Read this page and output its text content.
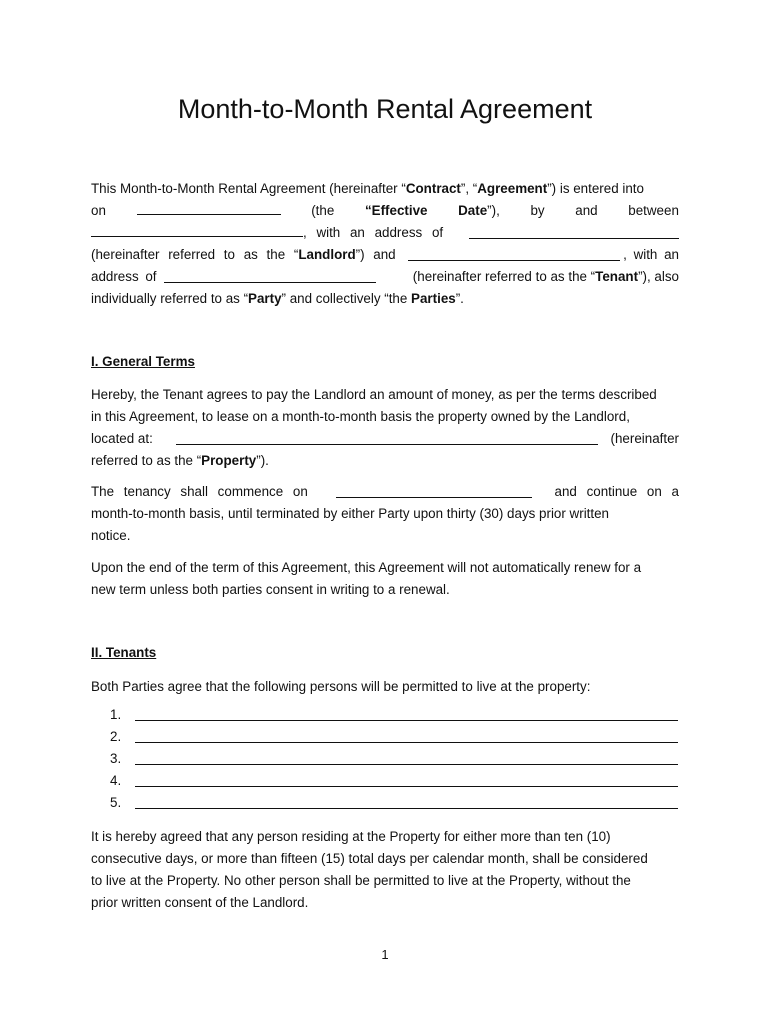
Month-to-Month Rental Agreement
This Month-to-Month Rental Agreement (hereinafter “Contract”, “Agreement”) is entered into
on	(the “Effective Date”), by and between
, with an address of
(hereinafter referred to as the “Landlord”) and	, with an
address of	(hereinafter referred to as the “Tenant”), also
individually referred to as “Party” and collectively “the Parties”.
I. General Terms
Hereby, the Tenant agrees to pay the Landlord an amount of money, as per the terms described
in this Agreement, to lease on a month-to-month basis the property owned by the Landlord,
located at:	(hereinafter
referred to as the “Property”).
The tenancy shall commence on	and continue on a
month-to-month basis, until terminated by either Party upon thirty (30) days prior written
notice.
Upon the end of the term of this Agreement, this Agreement will not automatically renew for a
new term unless both parties consent in writing to a renewal.
II. Tenants
Both Parties agree that the following persons will be permitted to live at the property:
1.
2.
3.
4.
5.
It is hereby agreed that any person residing at the Property for either more than ten (10)
consecutive days, or more than fifteen (15) total days per calendar month, shall be considered
to live at the Property. No other person shall be permitted to live at the Property, without the
prior written consent of the Landlord.
1
